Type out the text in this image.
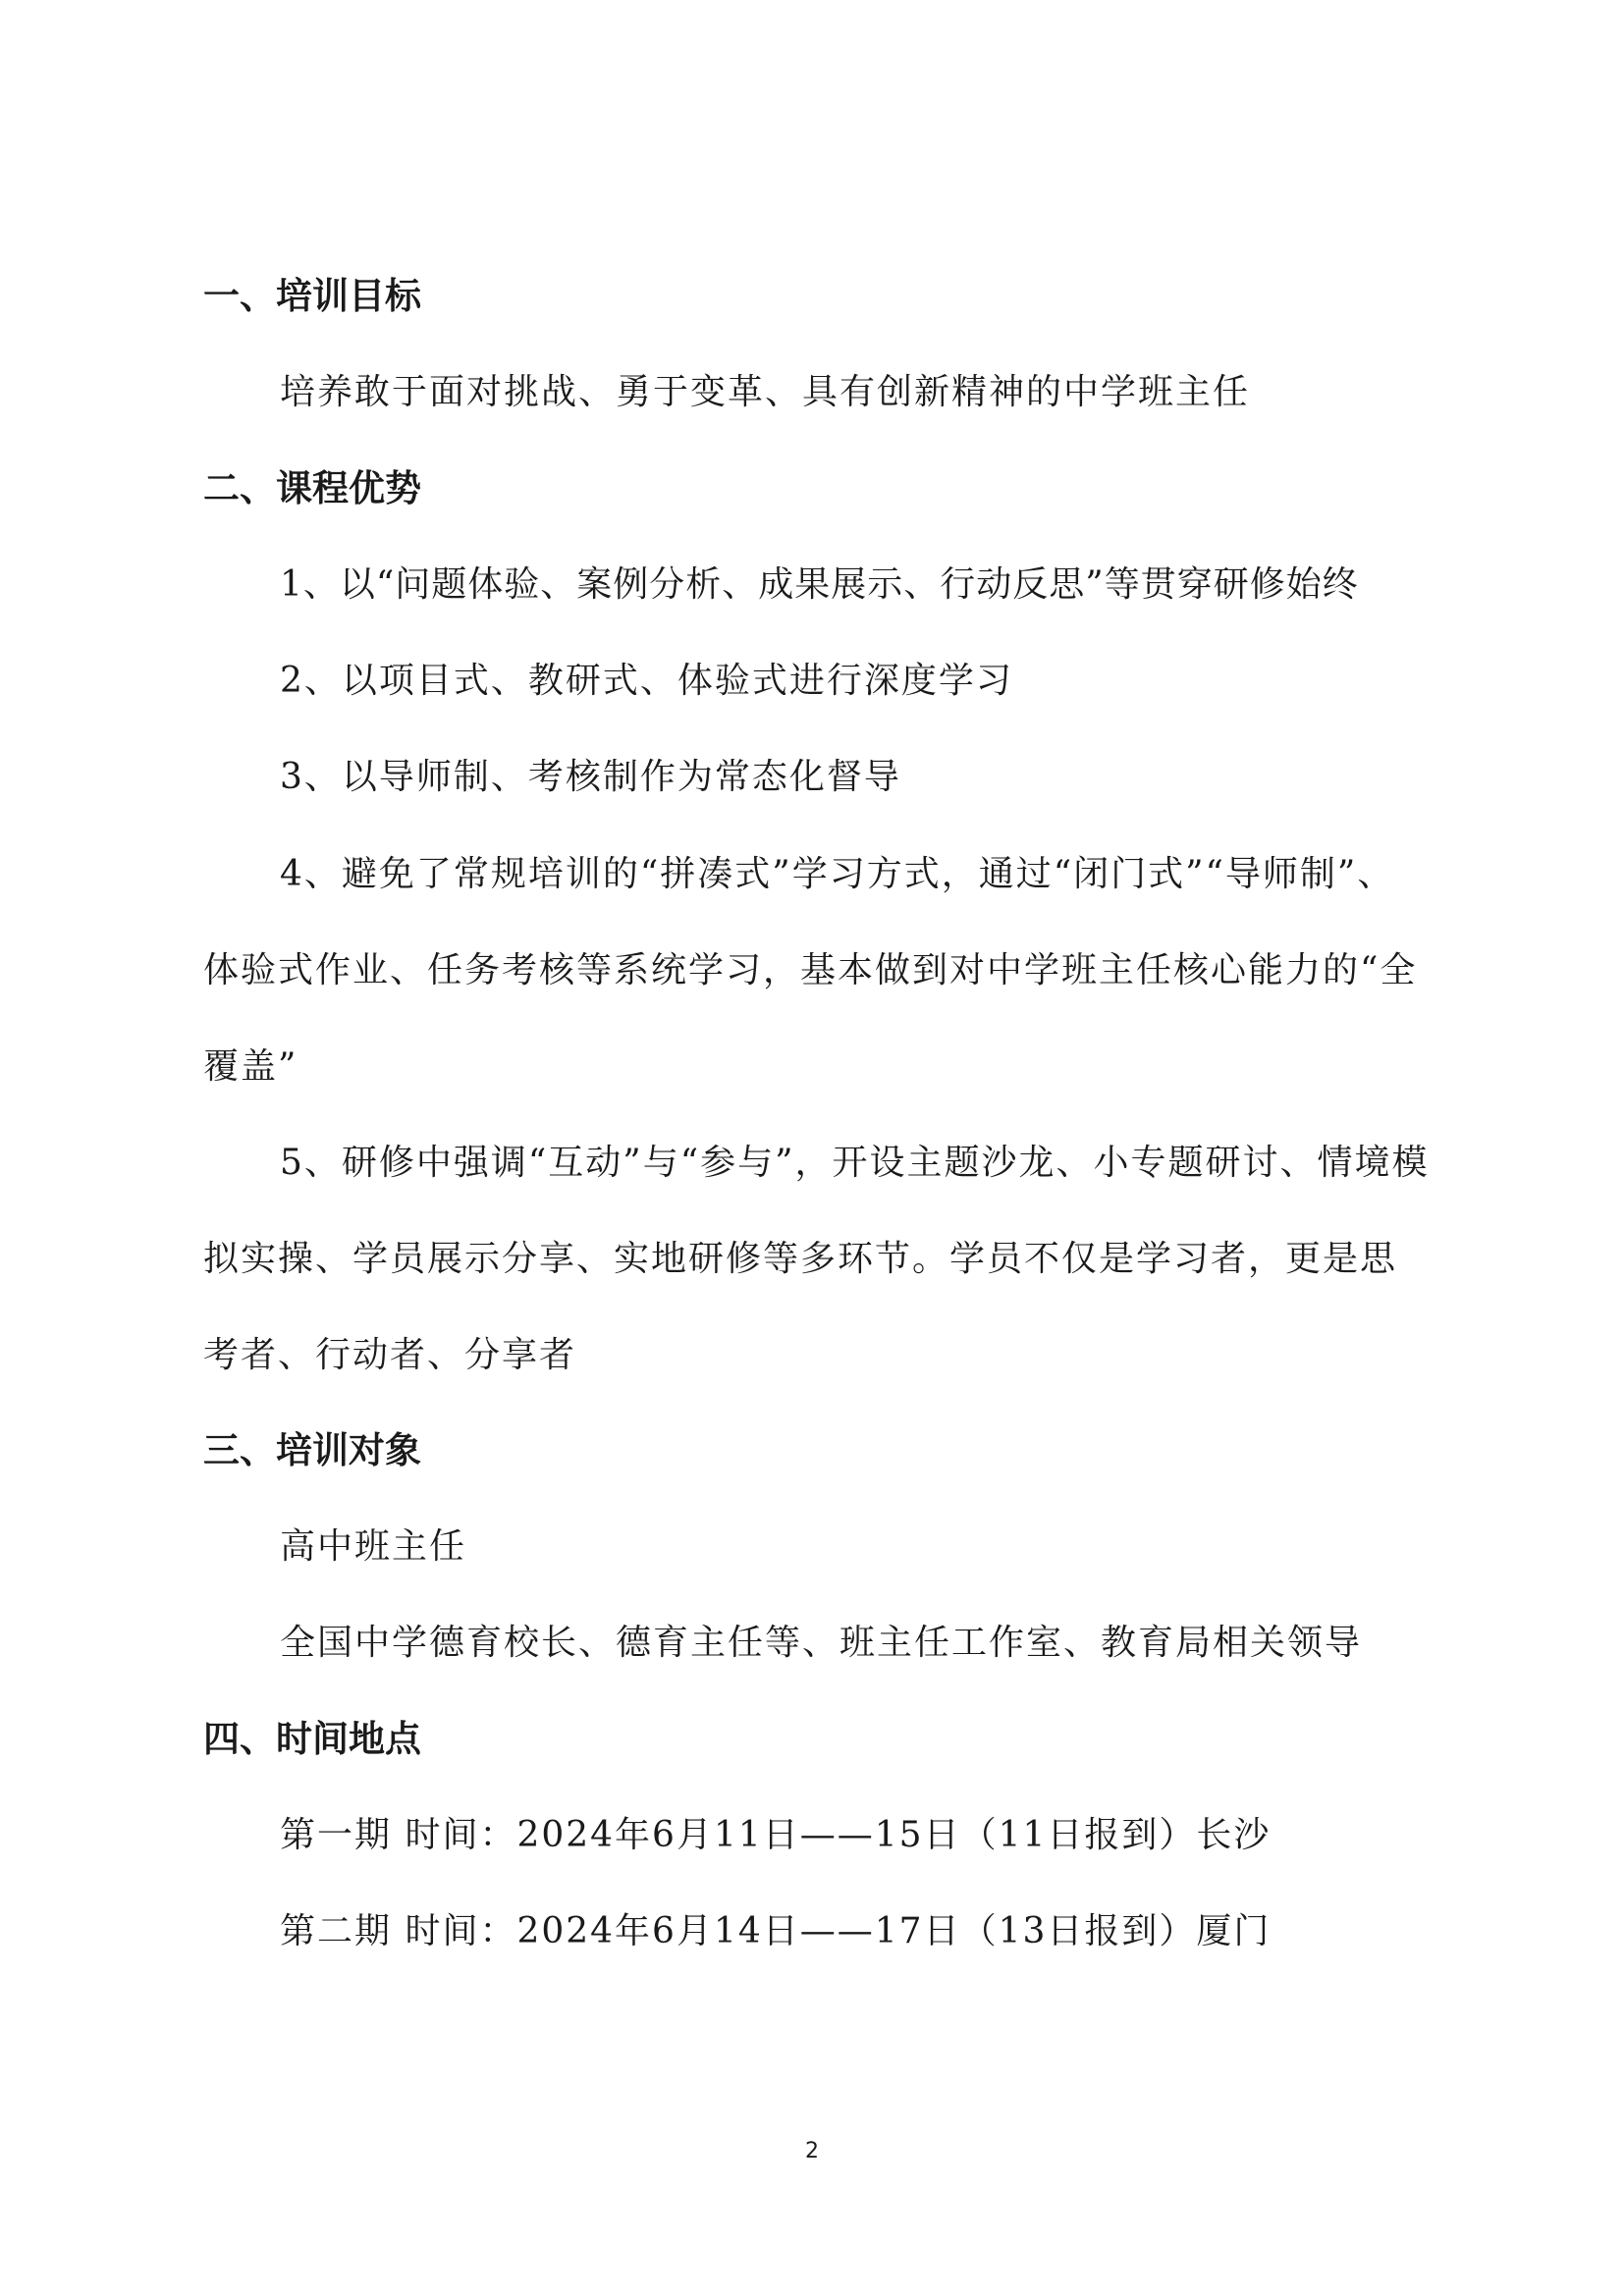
一、培训目标

培养敢于面对挑战、勇于变革、具有创新精神的中学班主任

二、课程优势

1、以“问题体验、案例分析、成果展示、行动反思”等贯穿研修始终

2、以项目式、教研式、体验式进行深度学习

3、以导师制、考核制作为常态化督导

4、避免了常规培训的“拼凑式”学习方式，通过“闭门式”“导师制”、体验式作业、任务考核等系统学习，基本做到对中学班主任核心能力的“全覆盖”

5、研修中强调“互动”与“参与”，开设主题沙龙、小专题研讨、情境模拟实操、学员展示分享、实地研修等多环节。学员不仅是学习者，更是思考者、行动者、分享者

三、培训对象

高中班主任

全国中学德育校长、德育主任等、班主任工作室、教育局相关领导

四、时间地点

第一期 时间：2024年6月11日——15日（11日报到）长沙

第二期 时间：2024年6月14日——17日（13日报到）厦门

2
